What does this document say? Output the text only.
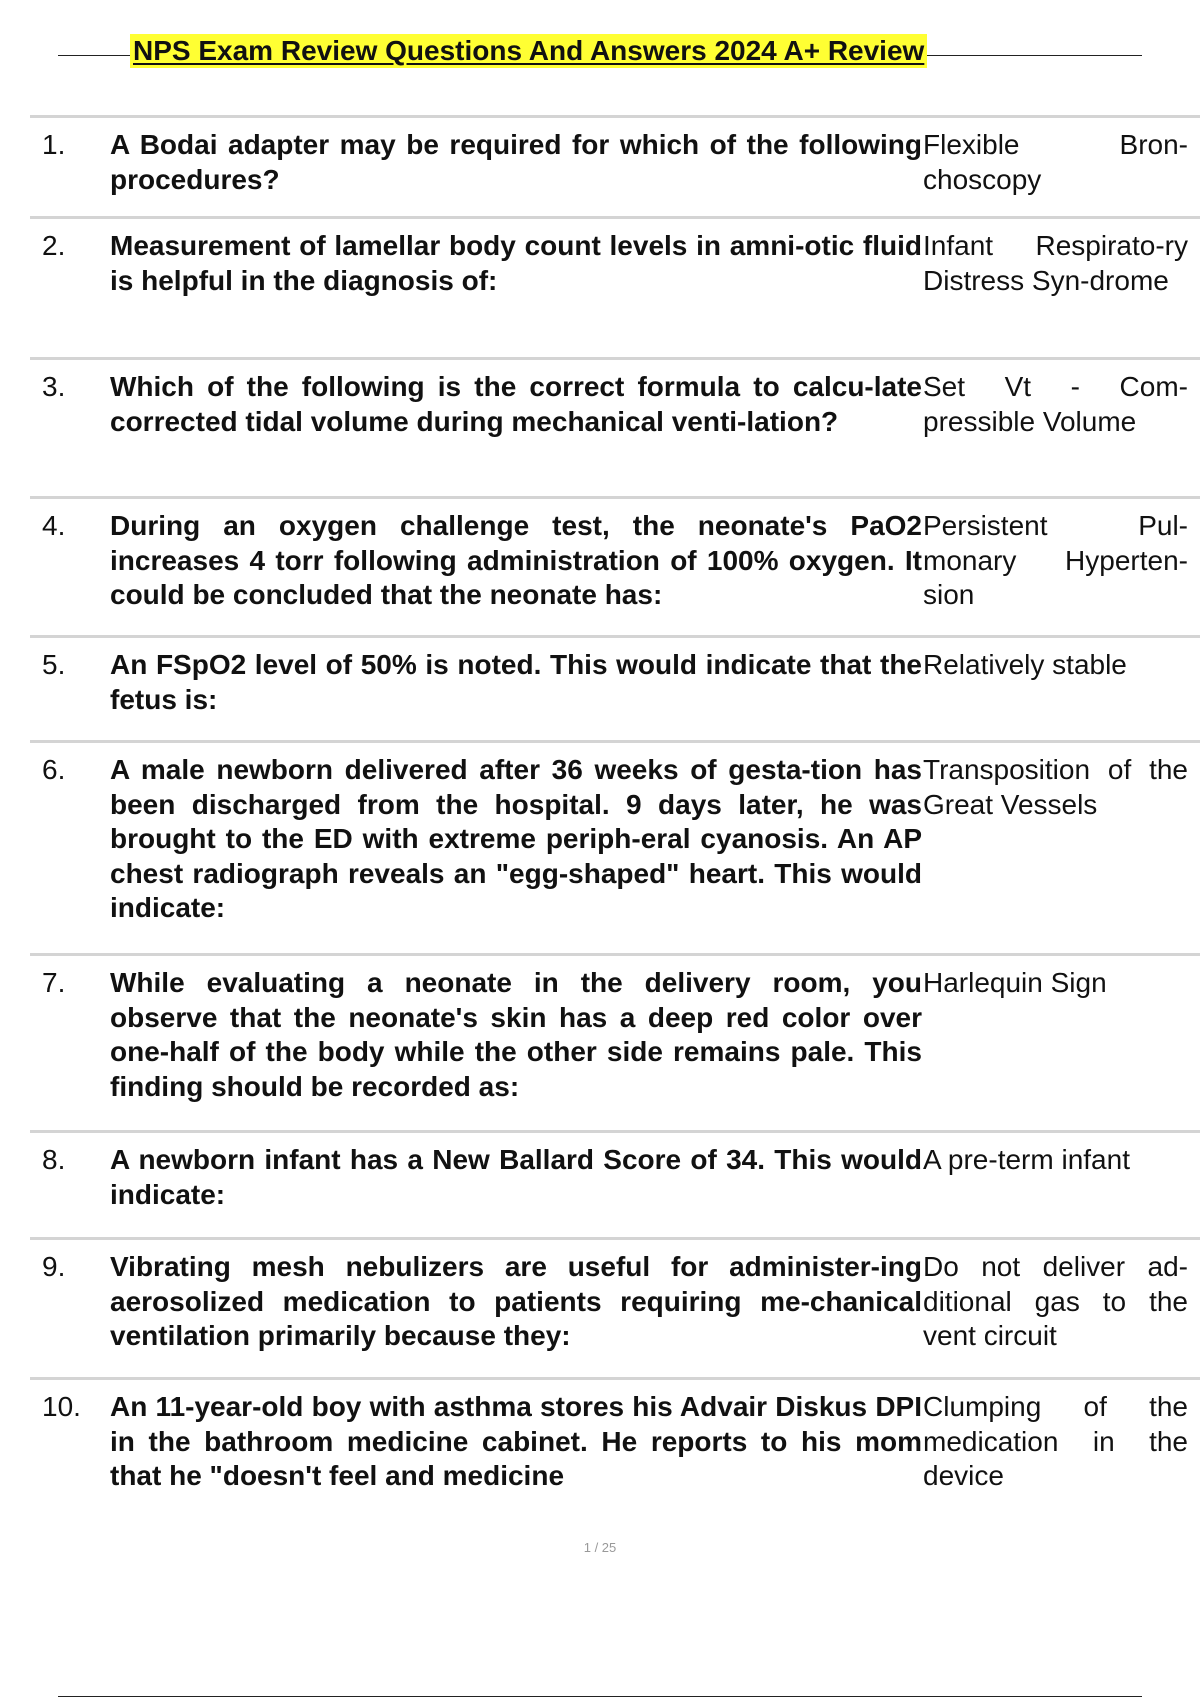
NPS Exam Review Questions And Answers 2024 A+ Review
1. A Bodai adapter may be required for which of the following procedures?
Flexible Bron-choscopy
2. Measurement of lamellar body count levels in amni-otic fluid is helpful in the diagnosis of:
Infant Respirato-ry Distress Syn-drome
3. Which of the following is the correct formula to calcu-late corrected tidal volume during mechanical venti-lation?
Set Vt - Com-pressible Volume
4. During an oxygen challenge test, the neonate's PaO2 increases 4 torr following administration of 100% oxygen. It could be concluded that the neonate has:
Persistent Pul-monary Hyperten-sion
5. An FSpO2 level of 50% is noted. This would indicate that the fetus is:
Relatively stable
6. A male newborn delivered after 36 weeks of gesta-tion has been discharged from the hospital. 9 days later, he was brought to the ED with extreme periph-eral cyanosis. An AP chest radiograph reveals an "egg-shaped" heart. This would indicate:
Transposition of the Great Vessels
7. While evaluating a neonate in the delivery room, you observe that the neonate's skin has a deep red color over one-half of the body while the other side remains pale. This finding should be recorded as:
Harlequin Sign
8. A newborn infant has a New Ballard Score of 34. This would indicate:
A pre-term infant
9. Vibrating mesh nebulizers are useful for administer-ing aerosolized medication to patients requiring me-chanical ventilation primarily because they:
Do not deliver ad-ditional gas to the vent circuit
10. An 11-year-old boy with asthma stores his Advair Diskus DPI in the bathroom medicine cabinet. He reports to his mom that he "doesn't feel and medicine
Clumping of the medication in the device
1 / 25
